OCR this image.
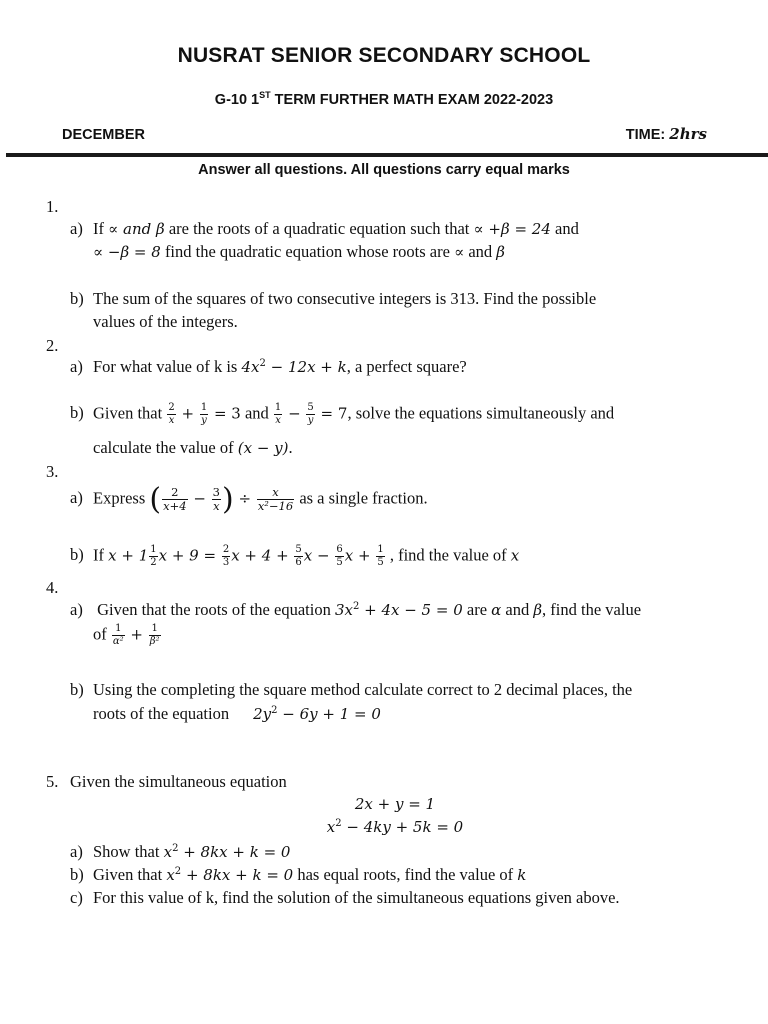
NUSRAT SENIOR SECONDARY SCHOOL
G-10 1ST TERM FURTHER MATH EXAM 2022-2023
DECEMBER	TIME: 2hrs
Answer all questions. All questions carry equal marks
1.
a) If ∝ and β are the roots of a quadratic equation such that ∝ +β = 24 and
∝ −β = 8 find the quadratic equation whose roots are ∝ and β
b) The sum of the squares of two consecutive integers is 313. Find the possible
values of the integers.
2.
a) For what value of k is $4x^2 - 12x + k$, a perfect square?
b) Given that $\frac{2}{x} + \frac{1}{y} = 3$ and $\frac{1}{x} - \frac{5}{y} = 7$, solve the equations simultaneously and
calculate the value of (x − y).
3.
a) Express ( $\frac{2}{x+4} - \frac{3}{x}$ ) ÷ $\frac{x}{\text{x²−16}}$ as a single fraction.
b) If $x + 1 \frac{1}{2}$ $x + 9 = \frac{2}{3}$ $x + 4 + \frac{5}{6}$ $x - \frac{6}{5}$ $x + \frac{1}{5}$ , find the value of x
4.
a) Given that the roots of the equation $3x^2 + 4x - 5 = 0$ are α and β, find the value
of $\frac{1}{\text{α²}} + \frac{1}{\text{β²}}$
b) Using the completing the square method calculate correct to 2 decimal places, the
roots of the equation $2y^2 - 6y + 1 = 0$
5. Given the simultaneous equation
2x + y = 1
$x^2 - 4ky + 5k = 0$
a) Show that $x^2 + 8kx + k = 0$
b) Given that $x^2 + 8kx + k = 0$ has equal roots, find the value of k
c) For this value of k, find the solution of the simultaneous equations given above.
